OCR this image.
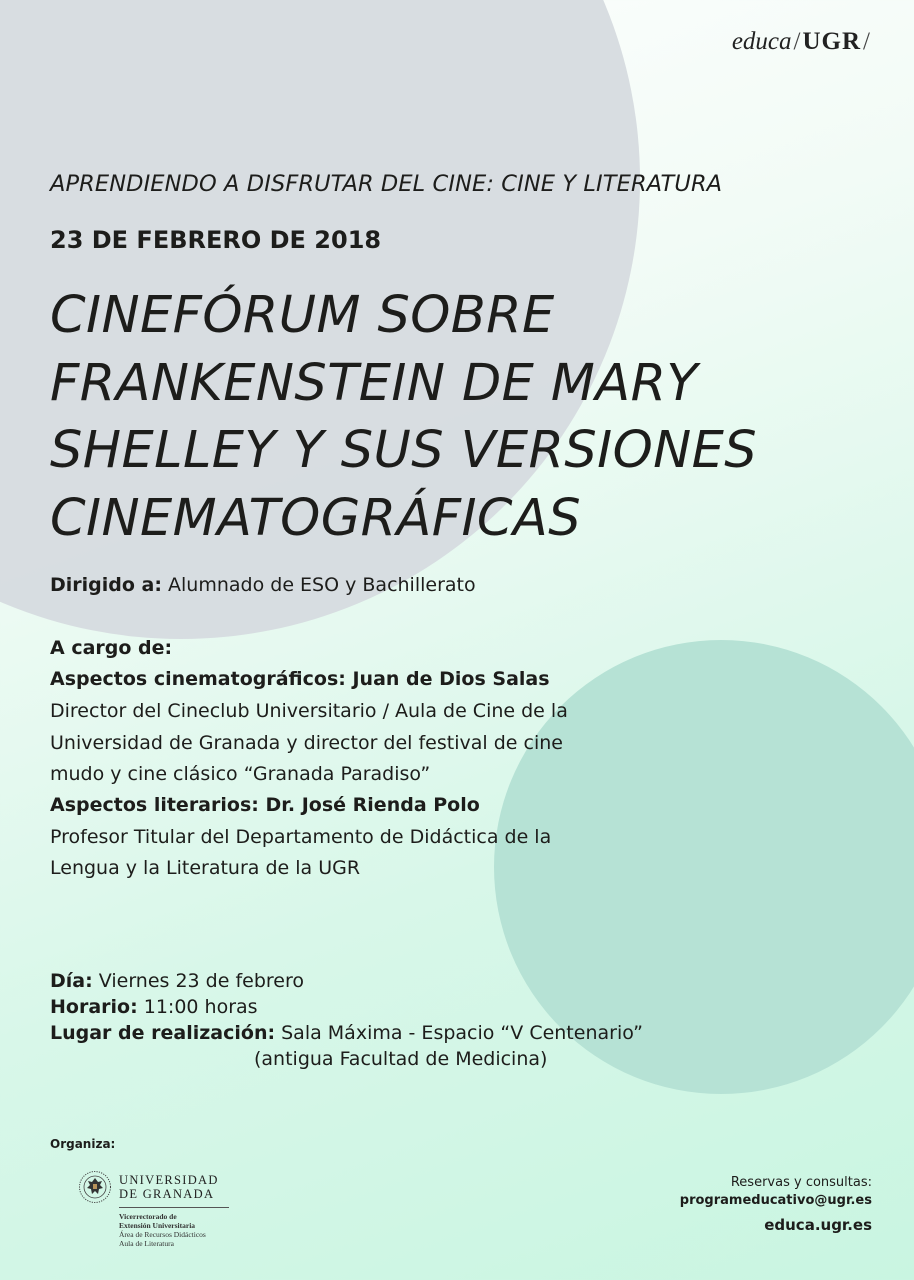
educa/UGR/
APRENDIENDO A DISFRUTAR DEL CINE: CINE Y LITERATURA
23 DE FEBRERO DE 2018
CINEFÓRUM SOBRE
FRANKENSTEIN DE MARY
SHELLEY Y SUS VERSIONES
CINEMATOGRÁFICAS
Dirigido a: Alumnado de ESO y Bachillerato
A cargo de:
Aspectos cinematográficos: Juan de Dios Salas
Director del Cineclub Universitario / Aula de Cine de la
Universidad de Granada y director del festival de cine
mudo y cine clásico “Granada Paradiso”
Aspectos literarios: Dr. José Rienda Polo
Profesor Titular del Departamento de Didáctica de la
Lengua y la Literatura de la UGR
Día: Viernes 23 de febrero
Horario: 11:00 horas
Lugar de realización: Sala Máxima - Espacio “V Centenario”
(antigua Facultad de Medicina)
Organiza:
UNIVERSIDAD
DE GRANADA
Vicerrectorado de
Extensión Universitaria
Área de Recursos Didácticos
Aula de Literatura
Reservas y consultas:
programeducativo@ugr.es
educa.ugr.es
